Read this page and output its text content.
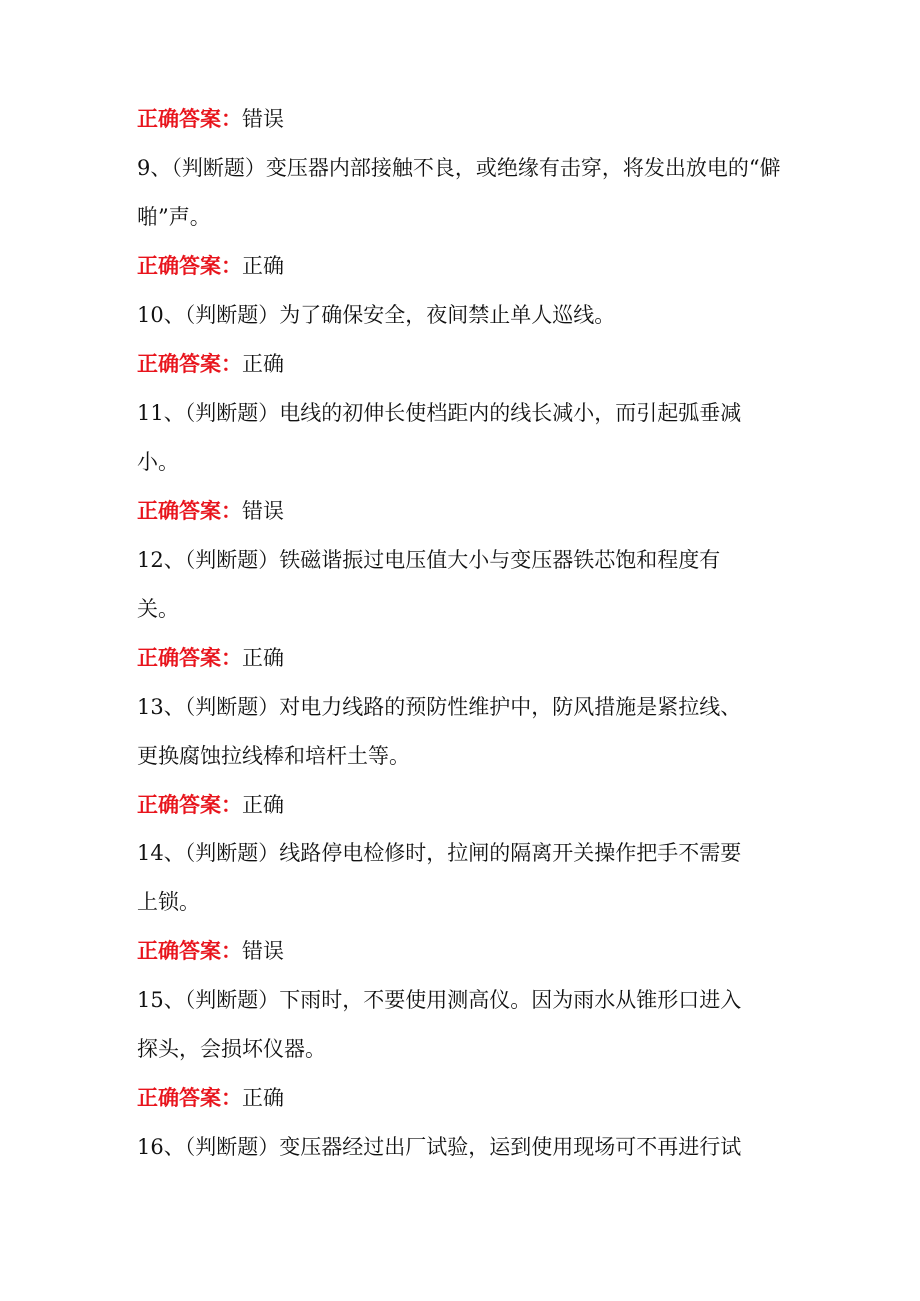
正确答案：错误
9、（判断题）变压器内部接触不良，或绝缘有击穿，将发出放电的“僻
啪”声。
正确答案：正确
10、（判断题）为了确保安全，夜间禁止单人巡线。
正确答案：正确
11、（判断题）电线的初伸长使档距内的线长减小，而引起弧垂减
小。
正确答案：错误
12、（判断题）铁磁谐振过电压值大小与变压器铁芯饱和程度有
关。
正确答案：正确
13、（判断题）对电力线路的预防性维护中，防风措施是紧拉线、
更换腐蚀拉线棒和培杆土等。
正确答案：正确
14、（判断题）线路停电检修时，拉闸的隔离开关操作把手不需要
上锁。
正确答案：错误
15、（判断题）下雨时，不要使用测高仪。因为雨水从锥形口进入
探头，会损坏仪器。
正确答案：正确
16、（判断题）变压器经过出厂试验，运到使用现场可不再进行试
